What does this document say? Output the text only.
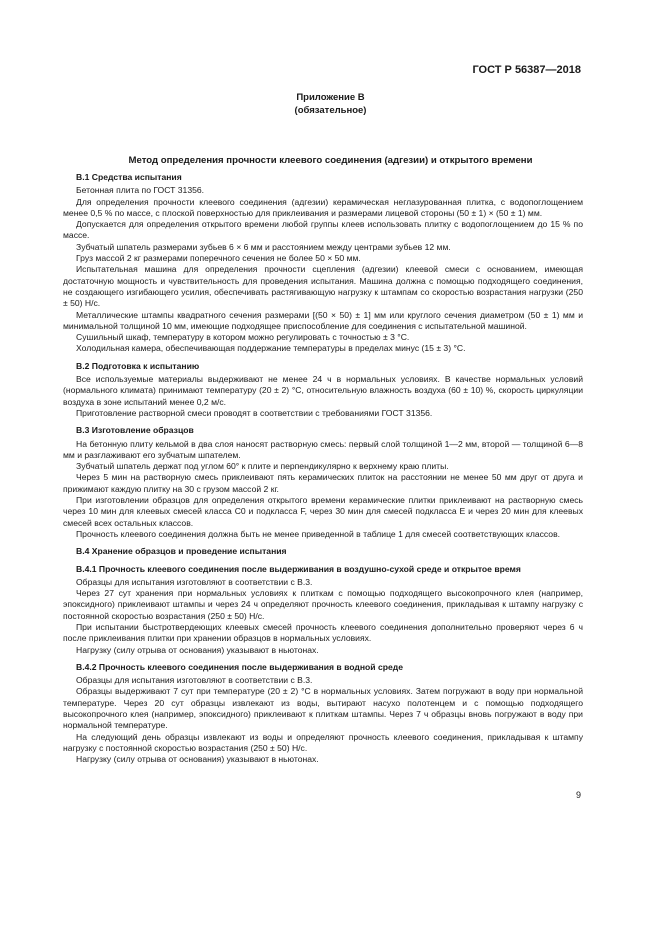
ГОСТ Р 56387—2018
Приложение В
(обязательное)
Метод определения прочности клеевого соединения (адгезии) и открытого времени

В.1 Средства испытания

Бетонная плита по ГОСТ 31356.

Для определения прочности клеевого соединения (адгезии) керамическая неглазурованная плитка, с водопоглощением менее 0,5 % по массе, с плоской поверхностью для приклеивания и размерами лицевой стороны (50 ± 1) × (50 ± 1) мм.

Допускается для определения открытого времени любой группы клеев использовать плитку с водопоглощением до 15 % по массе.

Зубчатый шпатель размерами зубьев 6 × 6 мм и расстоянием между центрами зубьев 12 мм.

Груз массой 2 кг размерами поперечного сечения не более 50 × 50 мм.

Испытательная машина для определения прочности сцепления (адгезии) клеевой смеси с основанием, имеющая достаточную мощность и чувствительность для проведения испытания. Машина должна с помощью подходящего соединения, не создающего изгибающего усилия, обеспечивать растягивающую нагрузку к штампам со скоростью возрастания нагрузки (250 ± 50) Н/с.

Металлические штампы квадратного сечения размерами [(50 × 50) ± 1] мм или круглого сечения диаметром (50 ± 1) мм и минимальной толщиной 10 мм, имеющие подходящее приспособление для соединения с испытательной машиной.

Сушильный шкаф, температуру в котором можно регулировать с точностью ± 3 °С.

Холодильная камера, обеспечивающая поддержание температуры в пределах минус (15 ± 3) °С.

В.2 Подготовка к испытанию

Все используемые материалы выдерживают не менее 24 ч в нормальных условиях. В качестве нормальных условий (нормального климата) принимают температуру (20 ± 2) °С, относительную влажность воздуха (60 ± 10) %, скорость циркуляции воздуха в зоне испытаний менее 0,2 м/с.

Приготовление растворной смеси проводят в соответствии с требованиями ГОСТ 31356.

В.3 Изготовление образцов

На бетонную плиту кельмой в два слоя наносят растворную смесь: первый слой толщиной 1—2 мм, второй — толщиной 6—8 мм и разглаживают его зубчатым шпателем.

Зубчатый шпатель держат под углом 60° к плите и перпендикулярно к верхнему краю плиты.

Через 5 мин на растворную смесь приклеивают пять керамических плиток на расстоянии не менее 50 мм друг от друга и прижимают каждую плитку на 30 с грузом массой 2 кг.

При изготовлении образцов для определения открытого времени керамические плитки приклеивают на растворную смесь через 10 мин для клеевых смесей класса С0 и подкласса F, через 30 мин для смесей подкласса Е и через 20 мин для клеевых смесей всех остальных классов.

Прочность клеевого соединения должна быть не менее приведенной в таблице 1 для смесей соответствующих классов.

В.4 Хранение образцов и проведение испытания

В.4.1 Прочность клеевого соединения после выдерживания в воздушно-сухой среде и открытое время

Образцы для испытания изготовляют в соответствии с В.3.

Через 27 сут хранения при нормальных условиях к плиткам с помощью подходящего высокопрочного клея (например, эпоксидного) приклеивают штампы и через 24 ч определяют прочность клеевого соединения, прикладывая к штампу нагрузку с постоянной скоростью возрастания (250 ± 50) Н/с.

При испытании быстротвердеющих клеевых смесей прочность клеевого соединения дополнительно проверяют через 6 ч после приклеивания плитки при хранении образцов в нормальных условиях.

Нагрузку (силу отрыва от основания) указывают в ньютонах.

В.4.2 Прочность клеевого соединения после выдерживания в водной среде

Образцы для испытания изготовляют в соответствии с В.3.

Образцы выдерживают 7 сут при температуре (20 ± 2) °С в нормальных условиях. Затем погружают в воду при нормальной температуре. Через 20 сут образцы извлекают из воды, вытирают насухо полотенцем и с помощью подходящего высокопрочного клея (например, эпоксидного) приклеивают к плиткам штампы. Через 7 ч образцы вновь погружают в воду при нормальной температуре.

На следующий день образцы извлекают из воды и определяют прочность клеевого соединения, прикладывая к штампу нагрузку с постоянной скоростью возрастания (250 ± 50) Н/с.

Нагрузку (силу отрыва от основания) указывают в ньютонах.

9
